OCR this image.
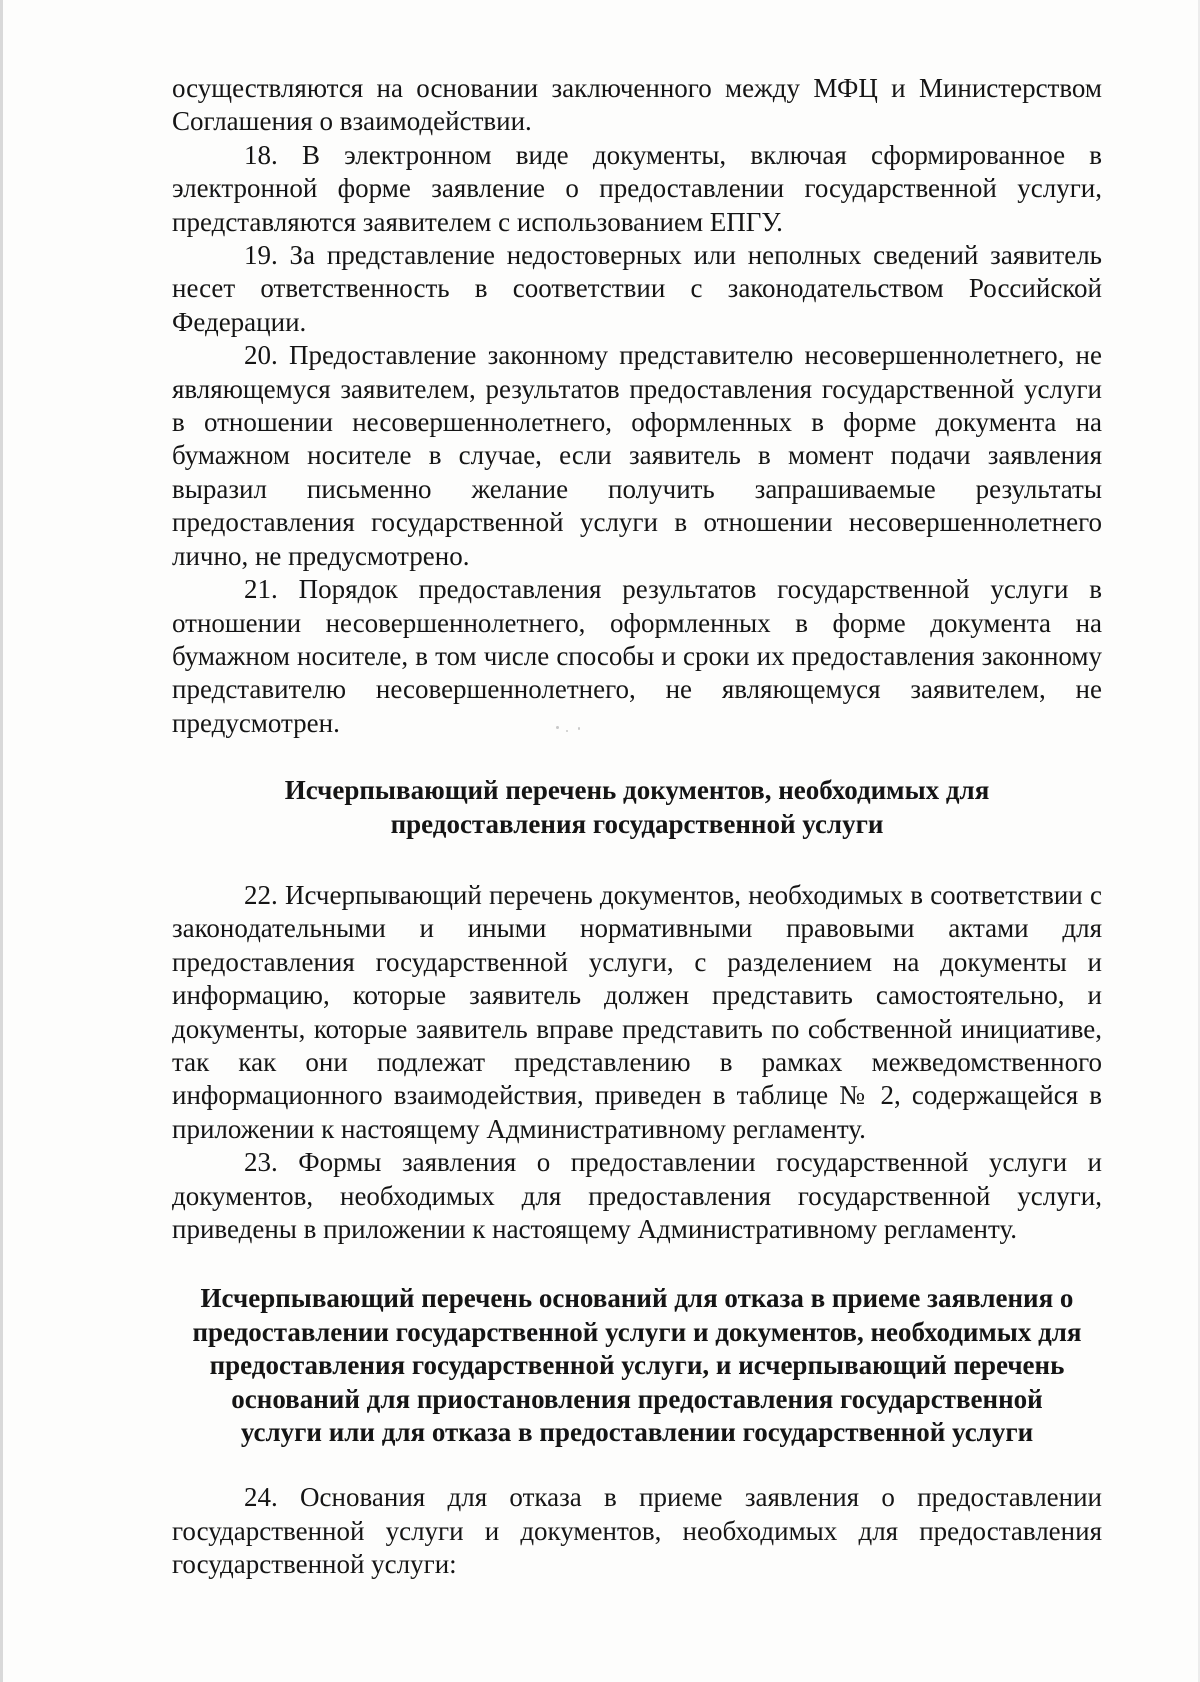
осуществляются на основании заключенного между МФЦ и Министерством Соглашения о взаимодействии.

18. В электронном виде документы, включая сформированное в электронной форме заявление о предоставлении государственной услуги, представляются заявителем с использованием ЕПГУ.

19. За представление недостоверных или неполных сведений заявитель несет ответственность в соответствии с законодательством Российской Федерации.

20. Предоставление законному представителю несовершеннолетнего, не являющемуся заявителем, результатов предоставления государственной услуги в отношении несовершеннолетнего, оформленных в форме документа на бумажном носителе в случае, если заявитель в момент подачи заявления выразил письменно желание получить запрашиваемые результаты предоставления государственной услуги в отношении несовершеннолетнего лично, не предусмотрено.

21. Порядок предоставления результатов государственной услуги в отношении несовершеннолетнего, оформленных в форме документа на бумажном носителе, в том числе способы и сроки их предоставления законному представителю несовершеннолетнего, не являющемуся заявителем, не предусмотрен.

Исчерпывающий перечень документов, необходимых для

предоставления государственной услуги

22. Исчерпывающий перечень документов, необходимых в соответствии с законодательными и иными нормативными правовыми актами для предоставления государственной услуги, с разделением на документы и информацию, которые заявитель должен представить самостоятельно, и документы, которые заявитель вправе представить по собственной инициативе, так как они подлежат представлению в рамках межведомственного информационного взаимодействия, приведен в таблице № 2, содержащейся в приложении к настоящему Административному регламенту.

23. Формы заявления о предоставлении государственной услуги и документов, необходимых для предоставления государственной услуги, приведены в приложении к настоящему Административному регламенту.

Исчерпывающий перечень оснований для отказа в приеме заявления о

предоставлении государственной услуги и документов, необходимых для

предоставления государственной услуги, и исчерпывающий перечень

оснований для приостановления предоставления государственной

услуги или для отказа в предоставлении государственной услуги

24. Основания для отказа в приеме заявления о предоставлении государственной услуги и документов, необходимых для предоставления государственной услуги:
